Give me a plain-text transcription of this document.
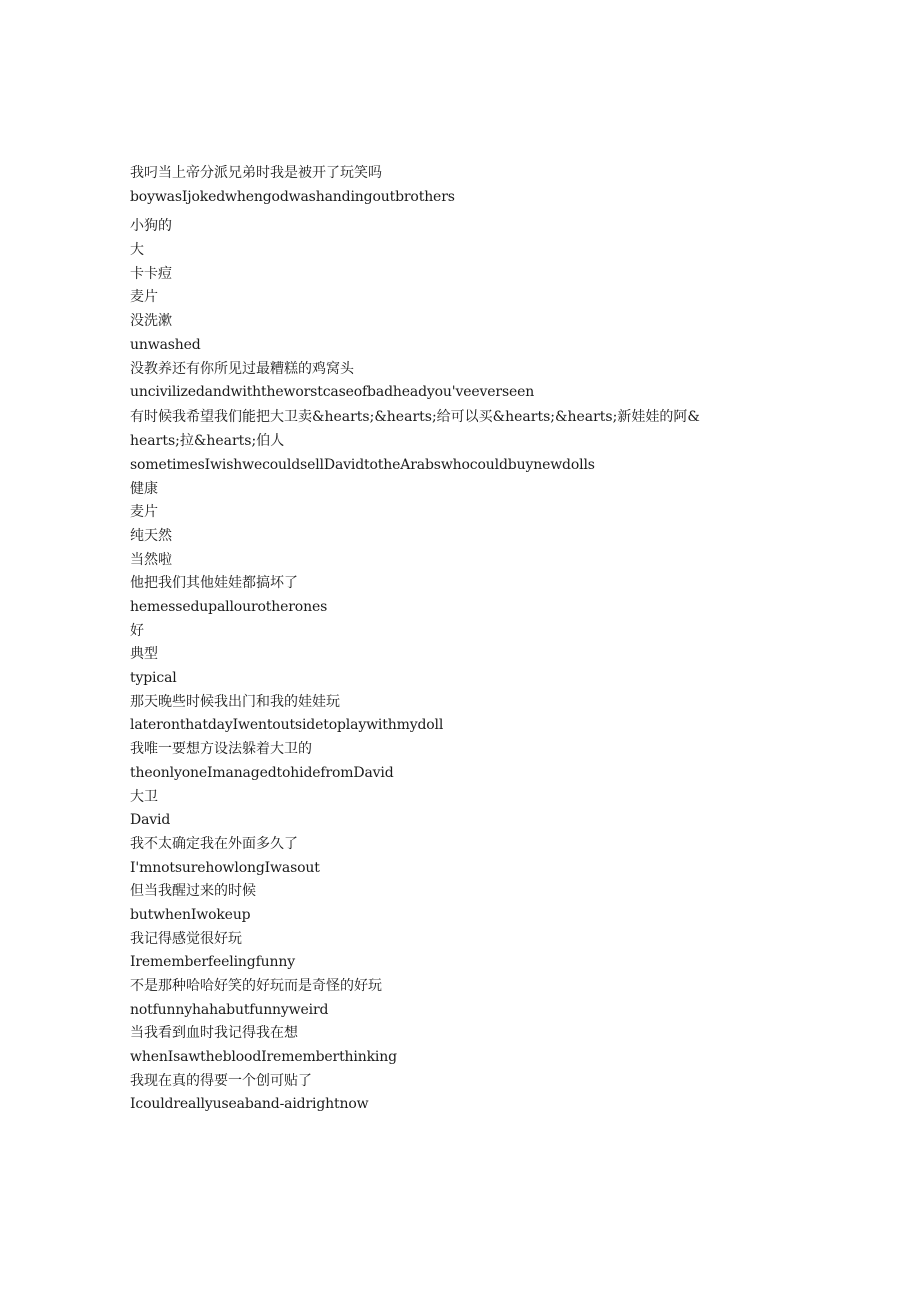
我叼当上帝分派兄弟时我是被开了玩笑吗
boywasIjokedwhengodwashandingoutbrothers
小狗的
大
卡卡痘
麦片
没洗漱
unwashed
没教养还有你所见过最糟糕的鸡窝头
uncivilizedandwiththeworstcaseofbadheadyou'veeverseen
有时候我希望我们能把大卫卖&hearts;&hearts;给可以买&hearts;&hearts;新娃娃的阿&hearts;拉&hearts;伯人
sometimesIwishwecouldsellDavidtotheArabswhocouldbuynewdolls
健康
麦片
纯天然
当然啦
他把我们其他娃娃都搞坏了
hemessedupallourotherones
好
典型
typical
那天晚些时候我出门和我的娃娃玩
lateronthatdayIwentoutsidetoplaywithmydoll
我唯一要想方设法躲着大卫的
theonlyoneImanagedtohidefromDavid
大卫
David
我不太确定我在外面多久了
I'mnotsurehowlongIwasout
但当我醒过来的时候
butwhenIwokeup
我记得感觉很好玩
Irememberfeelingfunny
不是那种哈哈好笑的好玩而是奇怪的好玩
notfunnyhahabutfunnyweird
当我看到血时我记得我在想
whenIsawthebloodIrememberthinking
我现在真的得要一个创可贴了
Icouldreallyuseaband-aidrightnow
